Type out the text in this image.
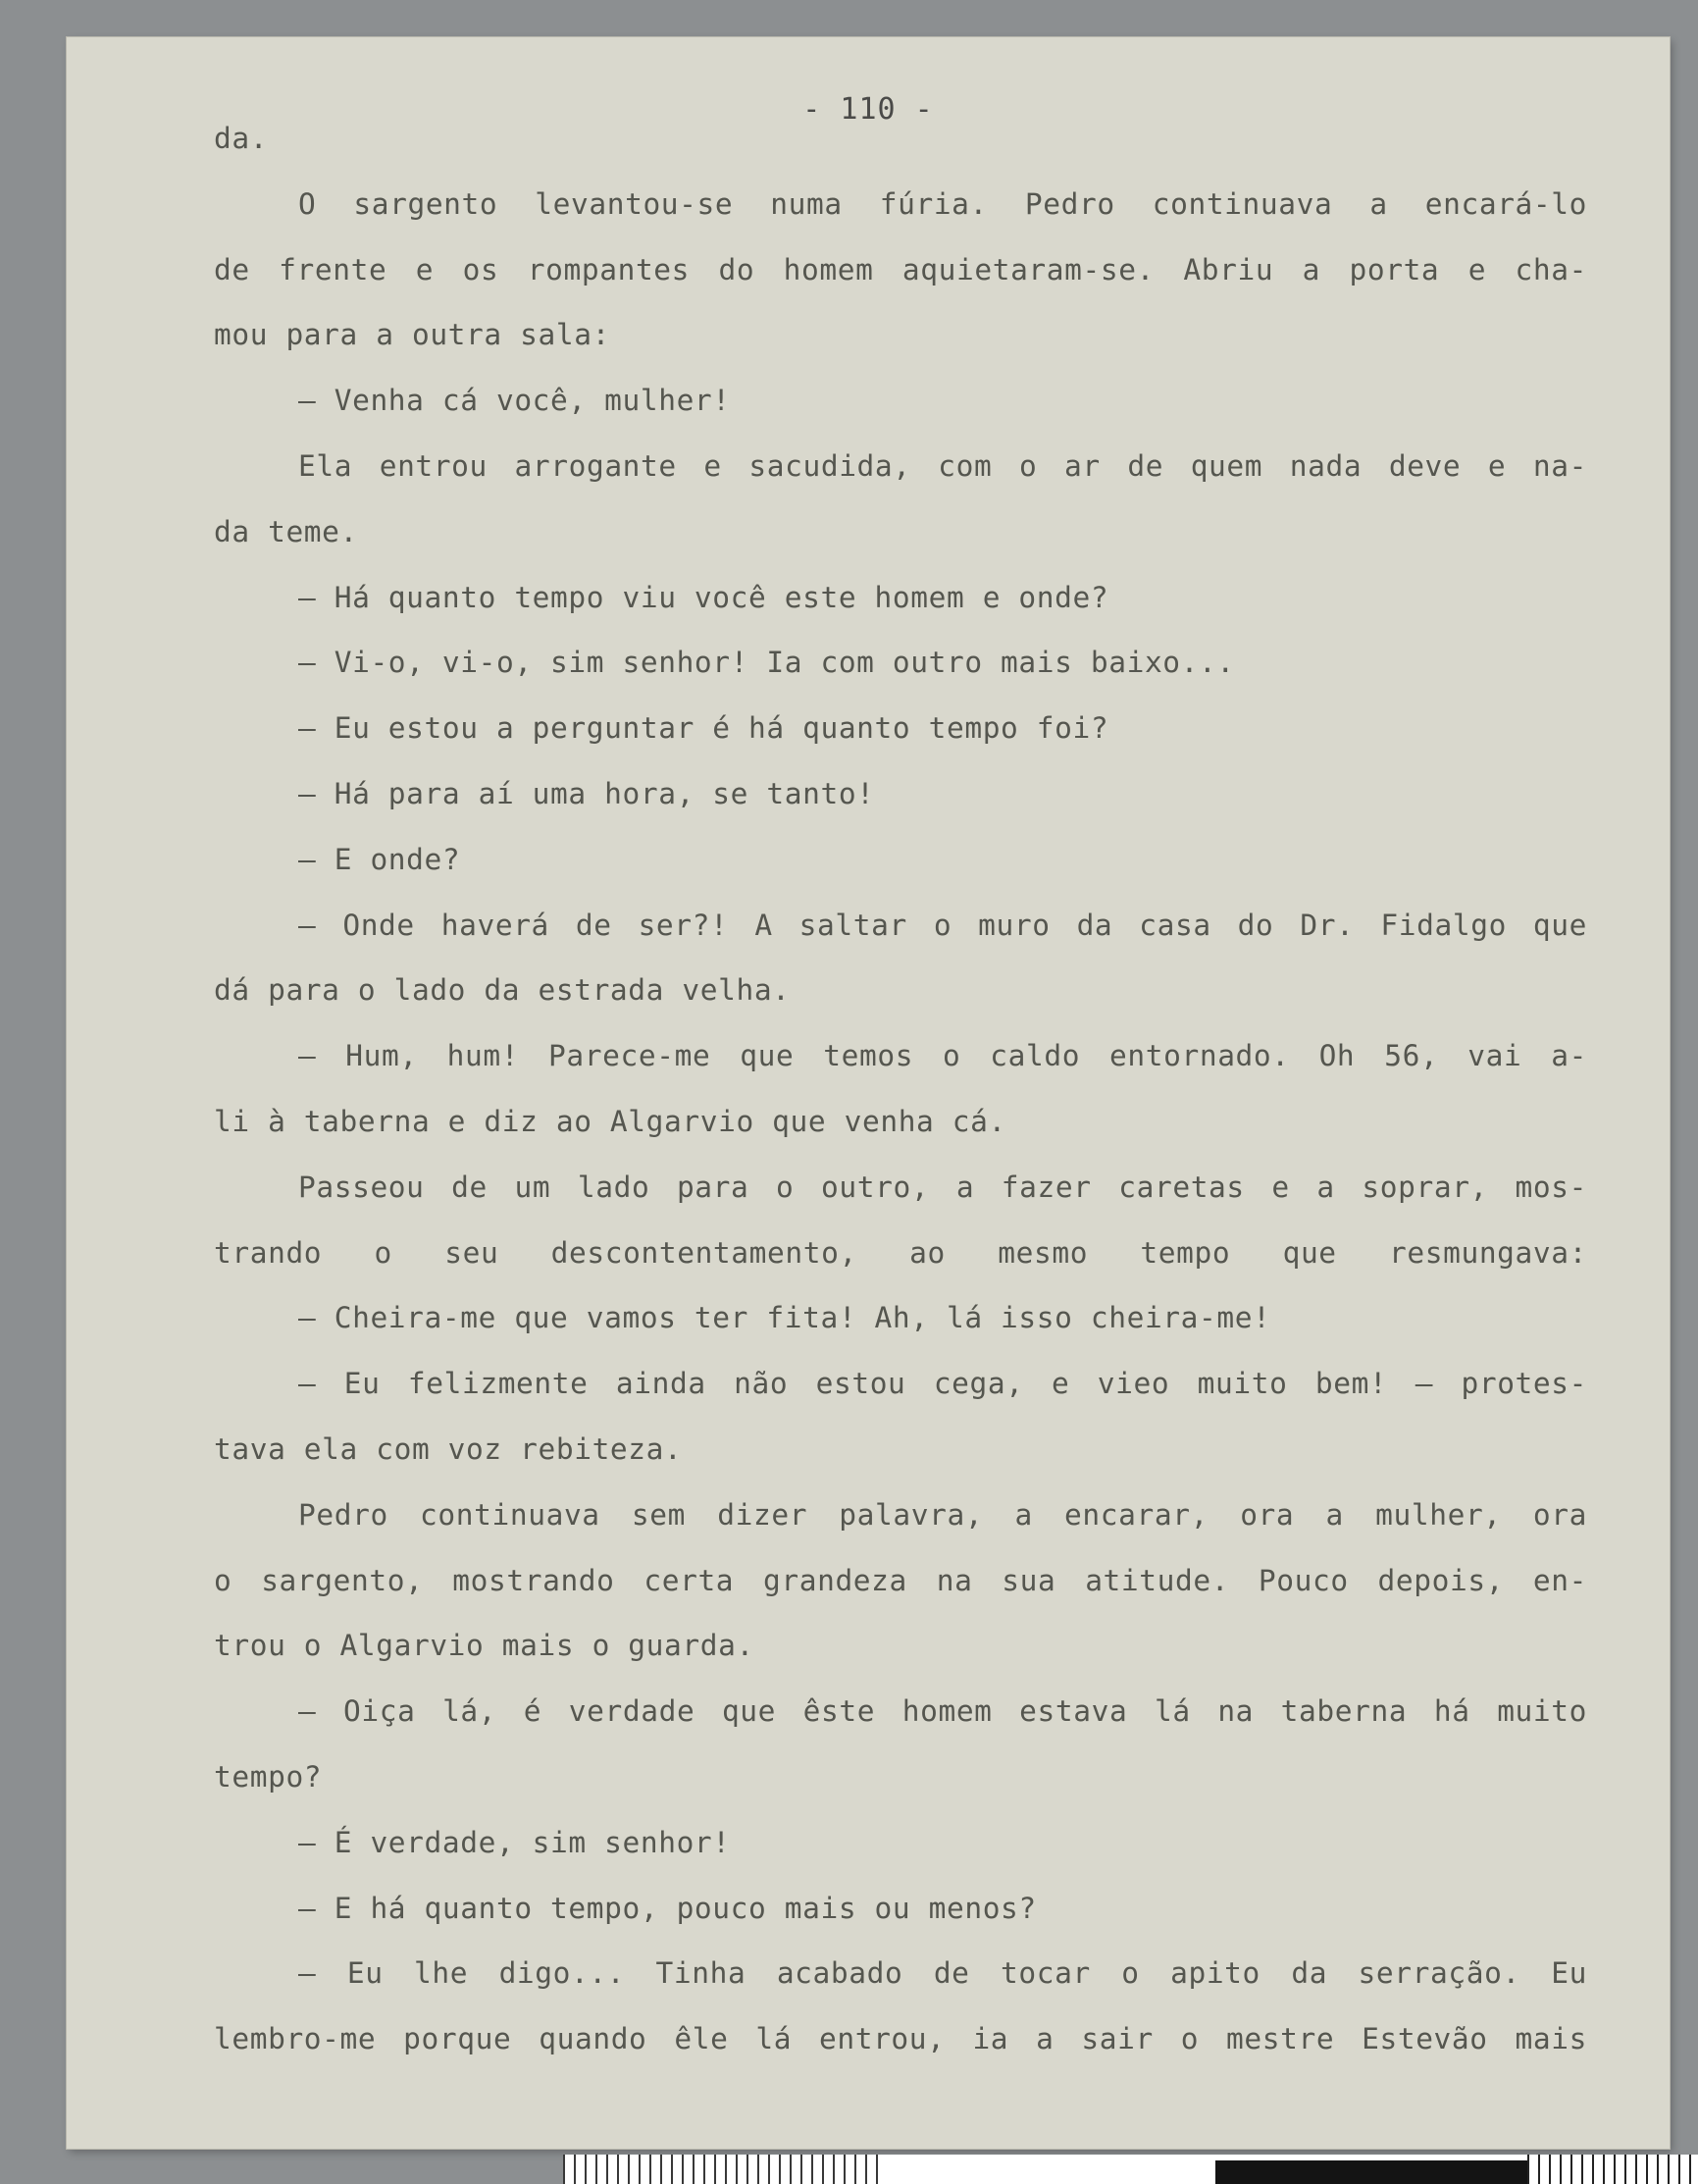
- 110 -
da.
O sargento levantou-se numa fúria. Pedro continuava a encará-lo
de frente e os rompantes do homem aquietaram-se. Abriu a porta e cha-
mou para a outra sala:
— Venha cá você, mulher!
Ela entrou arrogante e sacudida, com o ar de quem nada deve e na-
da teme.
— Há quanto tempo viu você este homem e onde?
— Vi-o, vi-o, sim senhor! Ia com outro mais baixo...
— Eu estou a perguntar é há quanto tempo foi?
— Há para aí uma hora, se tanto!
— E onde?
— Onde haverá de ser?! A saltar o muro da casa do Dr. Fidalgo que
dá para o lado da estrada velha.
— Hum, hum! Parece-me que temos o caldo entornado. Oh 56, vai a-
li à taberna e diz ao Algarvio que venha cá.
Passeou de um lado para o outro, a fazer caretas e a soprar, mos-
trando o seu descontentamento, ao mesmo tempo que resmungava:
— Cheira-me que vamos ter fita! Ah, lá isso cheira-me!
— Eu felizmente ainda não estou cega, e vieo muito bem! — protes-
tava ela com voz rebiteza.
Pedro continuava sem dizer palavra, a encarar, ora a mulher, ora
o sargento, mostrando certa grandeza na sua atitude. Pouco depois, en-
trou o Algarvio mais o guarda.
— Oiça lá, é verdade que êste homem estava lá na taberna há muito
tempo?
— É verdade, sim senhor!
— E há quanto tempo, pouco mais ou menos?
— Eu lhe digo... Tinha acabado de tocar o apito da serração. Eu
lembro-me porque quando êle lá entrou, ia a sair o mestre Estevão mais
